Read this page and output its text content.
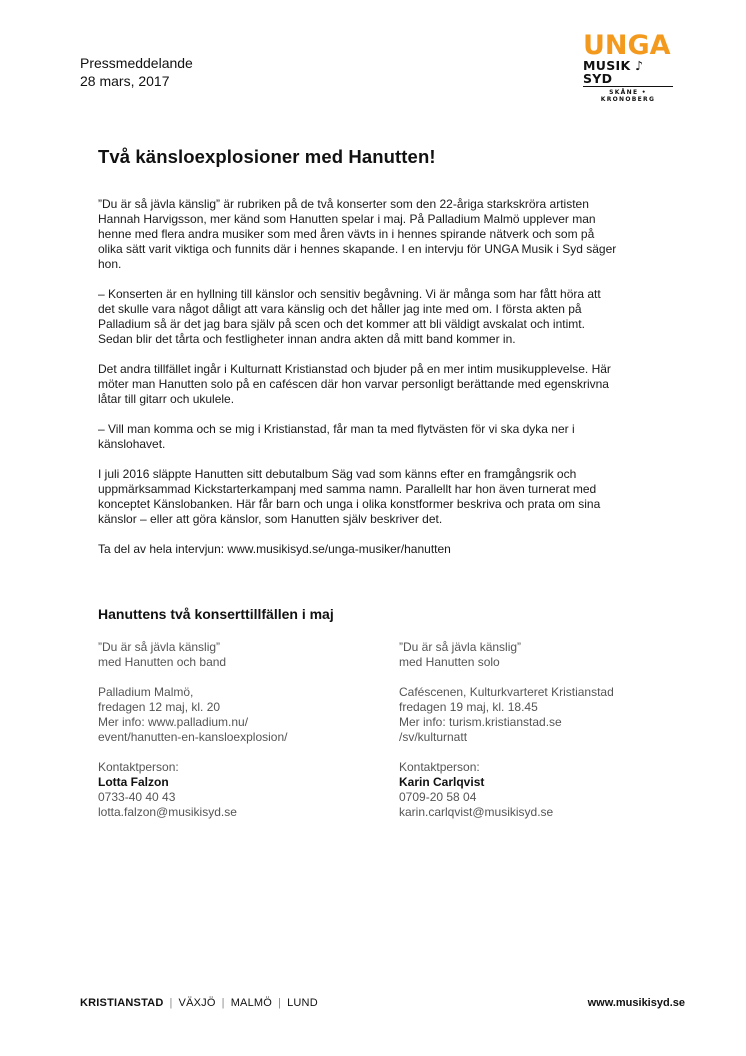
Pressmeddelande
28 mars, 2017
UNGA
MUSIK ♪ SYD
SKÅNE • KRONOBERG
Två känsloexplosioner med Hanutten!

”Du är så jävla känslig” är rubriken på de två konserter som den 22-åriga starkskröra artisten Hannah Harvigsson, mer känd som Hanutten spelar i maj. På Palladium Malmö upplever man henne med flera andra musiker som med åren vävts in i hennes spirande nätverk och som på olika sätt varit viktiga och funnits där i hennes skapande. I en intervju för UNGA Musik i Syd säger hon.

– Konserten är en hyllning till känslor och sensitiv begåvning. Vi är många som har fått höra att det skulle vara något dåligt att vara känslig och det håller jag inte med om. I första akten på Palladium så är det jag bara själv på scen och det kommer att bli väldigt avskalat och intimt. Sedan blir det tårta och festligheter innan andra akten då mitt band kommer in.

Det andra tillfället ingår i Kulturnatt Kristianstad och bjuder på en mer intim musikupplevelse. Här möter man Hanutten solo på en caféscen där hon varvar personligt berättande med egenskrivna låtar till gitarr och ukulele.

– Vill man komma och se mig i Kristianstad, får man ta med flytvästen för vi ska dyka ner i känslohavet.

I juli 2016 släppte Hanutten sitt debutalbum Säg vad som känns efter en framgångsrik och uppmärksammad Kickstarterkampanj med samma namn. Parallellt har hon även turnerat med konceptet Känslobanken. Här får barn och unga i olika konstformer beskriva och prata om sina känslor – eller att göra känslor, som Hanutten själv beskriver det.

Ta del av hela intervjun: www.musikisyd.se/unga-musiker/hanutten

Hanuttens två konserttillfällen i maj

”Du är så jävla känslig”
med Hanutten och band

Palladium Malmö,
fredagen 12 maj, kl. 20
Mer info: www.palladium.nu/
event/hanutten-en-kansloexplosion/

Kontaktperson:
Lotta Falzon
0733-40 40 43
lotta.falzon@musikisyd.se

”Du är så jävla känslig”
med Hanutten solo

Caféscenen, Kulturkvarteret Kristianstad
fredagen 19 maj, kl. 18.45
Mer info: turism.kristianstad.se
/sv/kulturnatt

Kontaktperson:
Karin Carlqvist
0709-20 58 04
karin.carlqvist@musikisyd.se

KRISTIANSTAD | VÄXJÖ | MALMÖ | LUND	www.musikisyd.se
